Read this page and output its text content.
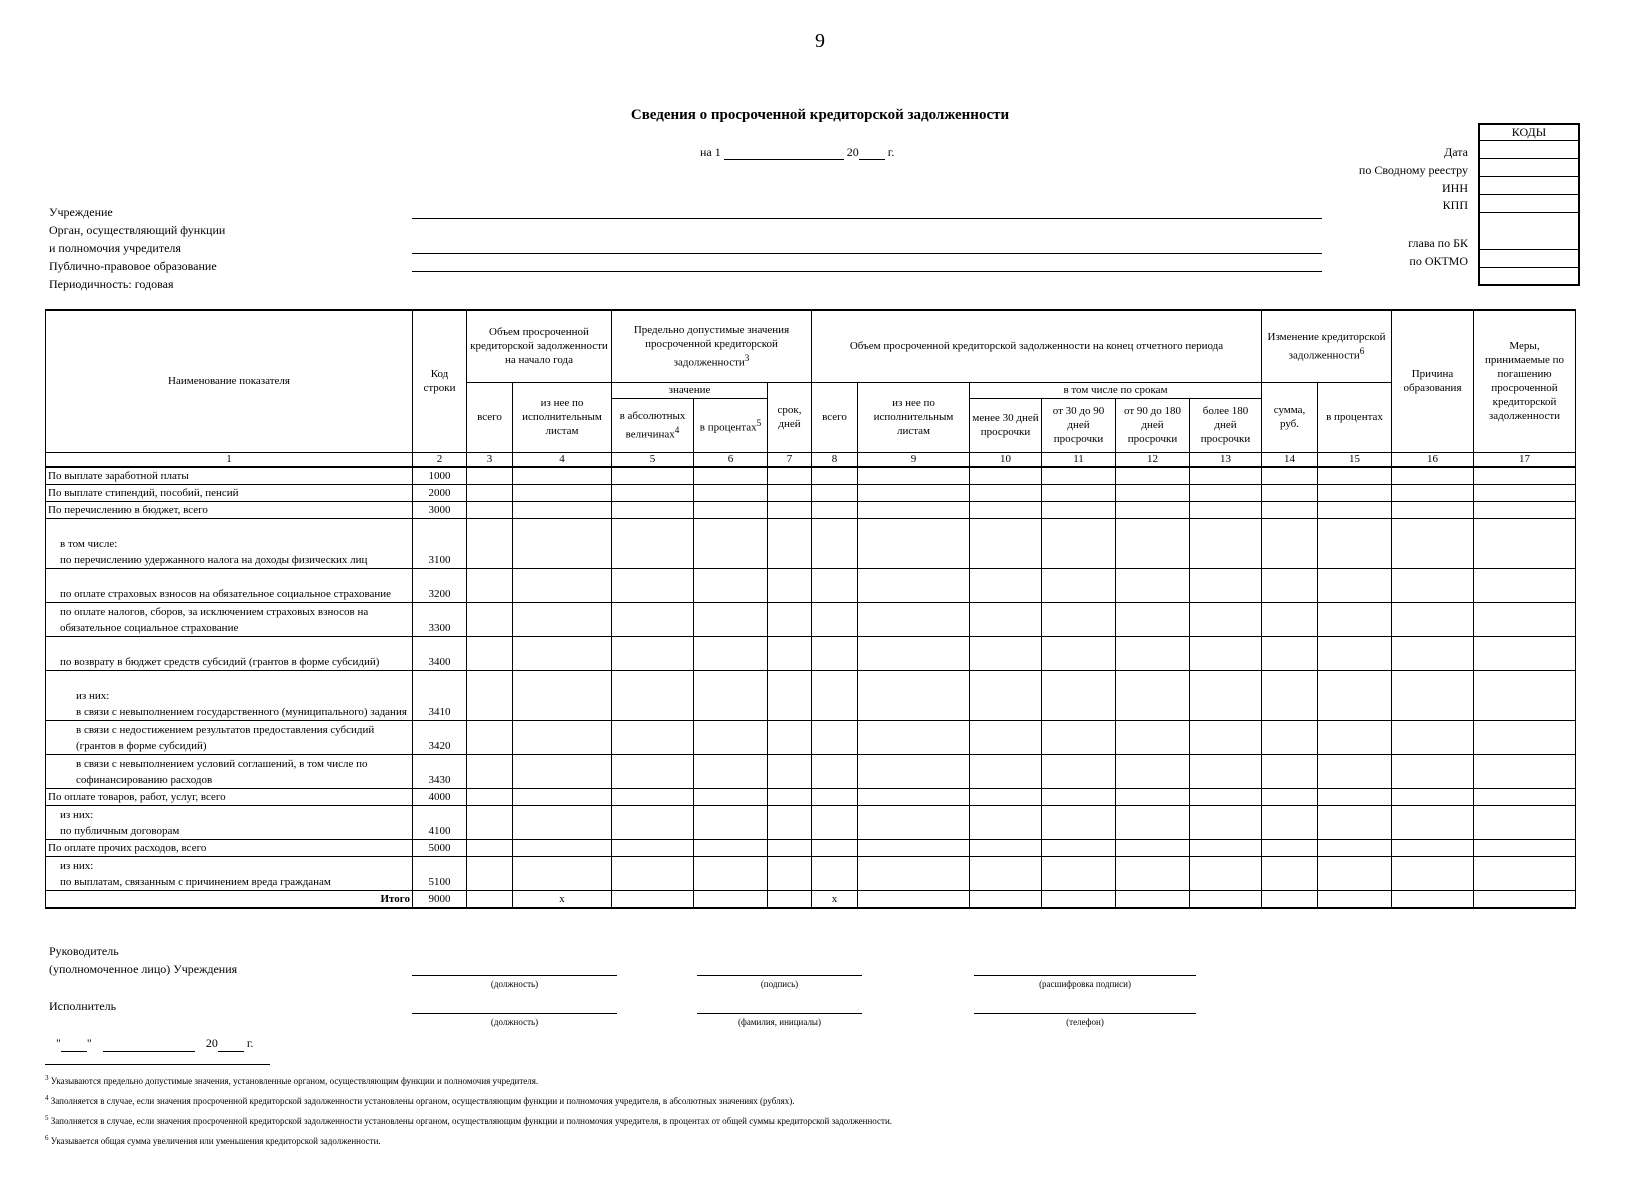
9
Сведения о просроченной кредиторской задолженности
на 1	20 г.
Учреждение
Орган, осуществляющий функции
и полномочия учредителя
Публично-правовое образование
Периодичность: годовая
Дата
по Сводному реестру
ИНН
КПП
глава по БК
по ОКТМО
КОДЫ

Наименование показателя	Код строки	Объем просроченной кредиторской задолженности на начало года		Предельно допустимые значения просроченной кредиторской задолженности$^3$			Объем просроченной кредиторской задолженности на конец отчетного периода						Изменение кредиторской задолженности$^6$		Причина образования	Меры, принимаемые по погашению просроченной кредиторской задолженности
		всего	из нее по исполнительным листам	значение		срок, дней	всего	из нее по исполнительным листам	в том числе по срокам				сумма, руб.	в процентах		
				в абсолютных величинах$^4$	в процентах$^5$				менее 30 дней просрочки	от 30 до 90 дней просрочки	от 90 до 180 дней просрочки	более 180 дней просрочки				
1	2	3	4	5	6	7	8	9	10	11	12	13	14	15	16	17
По выплате заработной платы	1000															
По выплате стипендий, пособий, пенсий	2000															
По перечислению в бюджет, всего	3000															
в том числе:
по перечислению удержанного налога на доходы физических лиц	3100															
по оплате страховых взносов на обязательное социальное страхование	3200															
по оплате налогов, сборов, за исключением страховых взносов на обязательное социальное страхование	3300															
по возврату в бюджет средств субсидий (грантов в форме субсидий)	3400															
из них:
в связи с невыполнением государственного (муниципального) задания	3410															
в связи с недостижением результатов предоставления субсидий (грантов в форме субсидий)	3420															
в связи с невыполнением условий соглашений, в том числе по софинансированию расходов	3430															
По оплате товаров, работ, услуг, всего	4000															
из них:
по публичным договорам	4100															
По оплате прочих расходов, всего	5000															
из них:
по выплатам, связанным с причинением вреда гражданам	5100															
Итого	9000		x				x									
Руководитель
(уполномоченное лицо) Учреждения
Исполнитель
(должность)	(подпись)	(расшифровка подписи)
(должность)	(фамилия, инициалы)	(телефон)
" "	20 г.
$^3$ Указываются предельно допустимые значения, установленные органом, осуществляющим функции и полномочия учредителя.
$^4$ Заполняется в случае, если значения просроченной кредиторской задолженности установлены органом, осуществляющим функции и полномочия учредителя, в абсолютных значениях (рублях).
$^5$ Заполняется в случае, если значения просроченной кредиторской задолженности установлены органом, осуществляющим функции и полномочия учредителя, в процентах от общей суммы кредиторской задолженности.
$^6$ Указывается общая сумма увеличения или уменьшения кредиторской задолженности.
